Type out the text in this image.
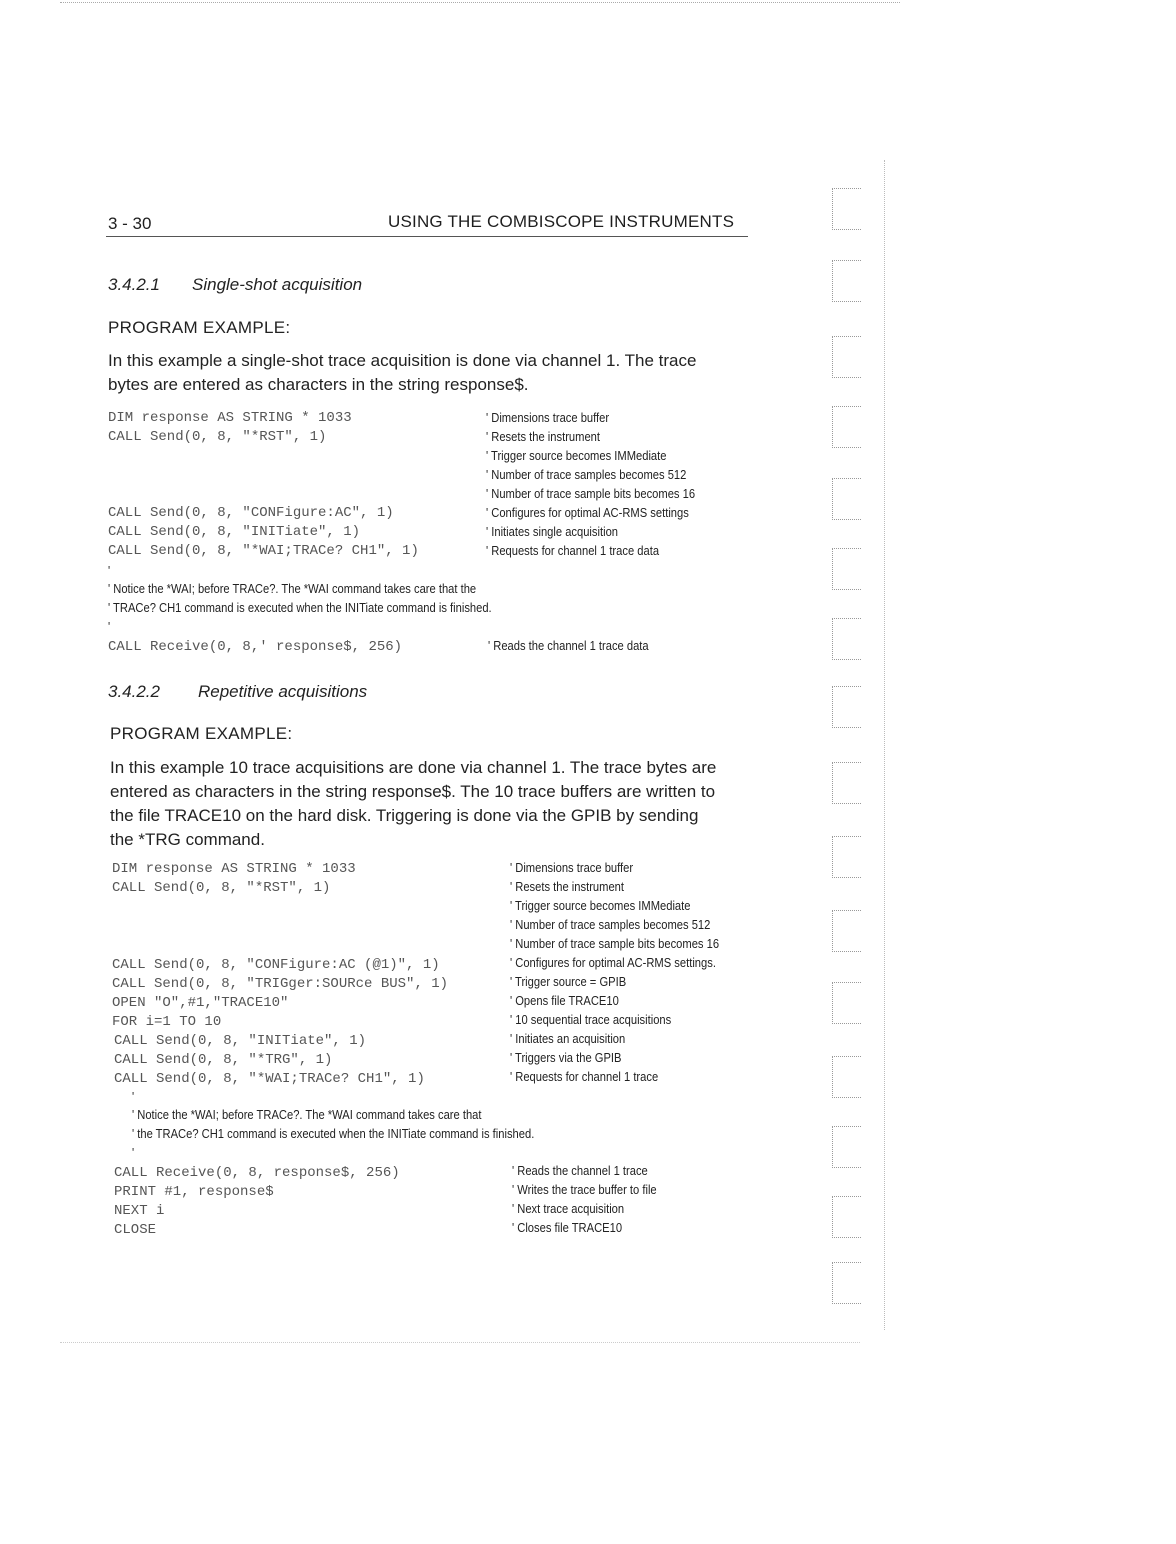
3 - 30	USING THE COMBISCOPE INSTRUMENTS
3.4.2.1 Single-shot acquisition
PROGRAM EXAMPLE:
In this example a single-shot trace acquisition is done via channel 1. The trace
bytes are entered as characters in the string response$.
DIM response AS STRING * 1033	' Dimensions trace buffer
CALL Send(0, 8, "*RST", 1)	' Resets the instrument
' Trigger source becomes IMMediate
' Number of trace samples becomes 512
' Number of trace sample bits becomes 16
CALL Send(0, 8, "CONFigure:AC", 1)	' Configures for optimal AC-RMS settings
CALL Send(0, 8, "INITiate", 1)	' Initiates single acquisition
CALL Send(0, 8, "*WAI;TRACe? CH1", 1)	' Requests for channel 1 trace data
'
' Notice the *WAI; before TRACe?. The *WAI command takes care that the
' TRACe? CH1 command is executed when the INITiate command is finished.
'
CALL Receive(0, 8,' response$, 256)	' Reads the channel 1 trace data
3.4.2.2 Repetitive acquisitions
PROGRAM EXAMPLE:
In this example 10 trace acquisitions are done via channel 1. The trace bytes are
entered as characters in the string response$. The 10 trace buffers are written to
the file TRACE10 on the hard disk. Triggering is done via the GPIB by sending
the *TRG command.
DIM response AS STRING * 1033	' Dimensions trace buffer
CALL Send(0, 8, "*RST", 1)	' Resets the instrument
' Trigger source becomes IMMediate
' Number of trace samples becomes 512
' Number of trace sample bits becomes 16
CALL Send(0, 8, "CONFigure:AC (@1)", 1)	' Configures for optimal AC-RMS settings.
CALL Send(0, 8, "TRIGger:SOURce BUS", 1)	' Trigger source = GPIB
OPEN "O",#1,"TRACE10"	' Opens file TRACE10
FOR i=1 TO 10	' 10 sequential trace acquisitions
CALL Send(0, 8, "INITiate", 1)	' Initiates an acquisition
CALL Send(0, 8, "*TRG", 1)	' Triggers via the GPIB
CALL Send(0, 8, "*WAI;TRACe? CH1", 1)	' Requests for channel 1 trace
'
' Notice the *WAI; before TRACe?. The *WAI command takes care that
' the TRACe? CH1 command is executed when the INITiate command is finished.
'
CALL Receive(0, 8, response$, 256)	' Reads the channel 1 trace
PRINT #1, response$	' Writes the trace buffer to file
NEXT i	' Next trace acquisition
CLOSE	' Closes file TRACE10
